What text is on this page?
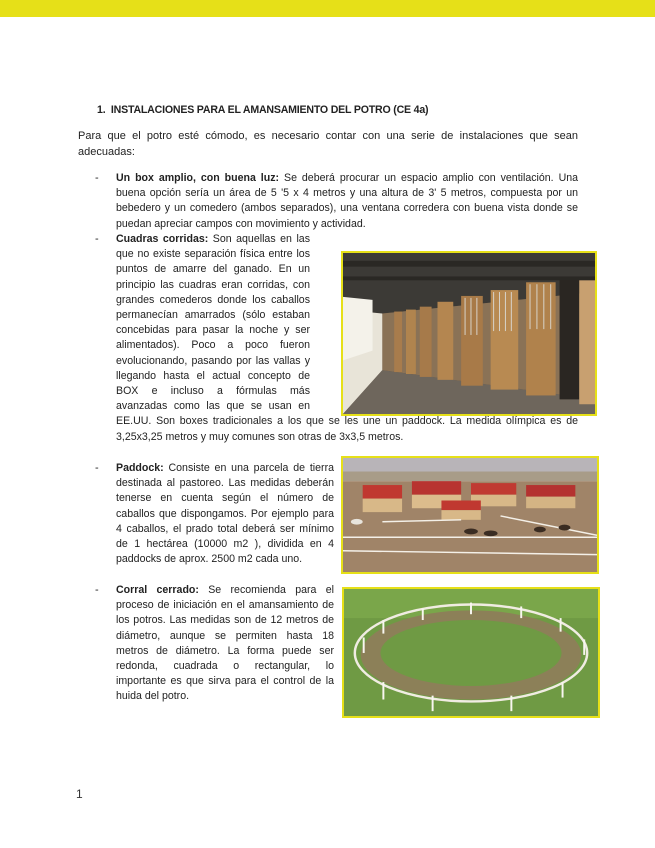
1.  INSTALACIONES PARA EL AMANSAMIENTO DEL POTRO (CE 4a)
Para que el potro esté cómodo, es necesario contar con una serie de instalaciones que sean adecuadas:
- Un box amplio, con buena luz: Se deberá procurar un espacio amplio con ventilación. Una buena opción sería un área de 5 '5 x 4 metros y una altura de 3' 5 metros, compuesta por un bebedero y un comedero (ambos separados), una ventana corredera con buena vista donde se puedan apreciar campos con movimiento y actividad.
- Cuadras corridas: Son aquellas en las que no existe separación física entre los puntos de amarre del ganado. En un principio las cuadras eran corridas, con grandes comederos donde los caballos permanecían amarrados (sólo estaban concebidas para pasar la noche y ser alimentados). Poco a poco fueron evolucionando, pasando por las vallas y llegando hasta el actual concepto de BOX e incluso a fórmulas más avanzadas como las que se usan en EE.UU. Son boxes tradicionales a los que se les une un paddock. La medida olímpica es de 3,25x3,25 metros y muy comunes son otras de 3x3,5 metros.
- Paddock: Consiste en una parcela de tierra destinada al pastoreo. Las medidas deberán tenerse en cuenta según el número de caballos que dispongamos. Por ejemplo para 4 caballos, el prado total deberá ser mínimo de 1 hectárea (10000 m2 ), dividida en 4 paddocks de aprox. 2500 m2 cada uno.
- Corral cerrado: Se recomienda para el proceso de iniciación en el amansamiento de los potros. Las medidas son de 12 metros de diámetro, aunque se permiten hasta 18 metros de diámetro. La forma puede ser redonda, cuadrada o rectangular, lo importante es que sirva para el control de la huida del potro.
1
